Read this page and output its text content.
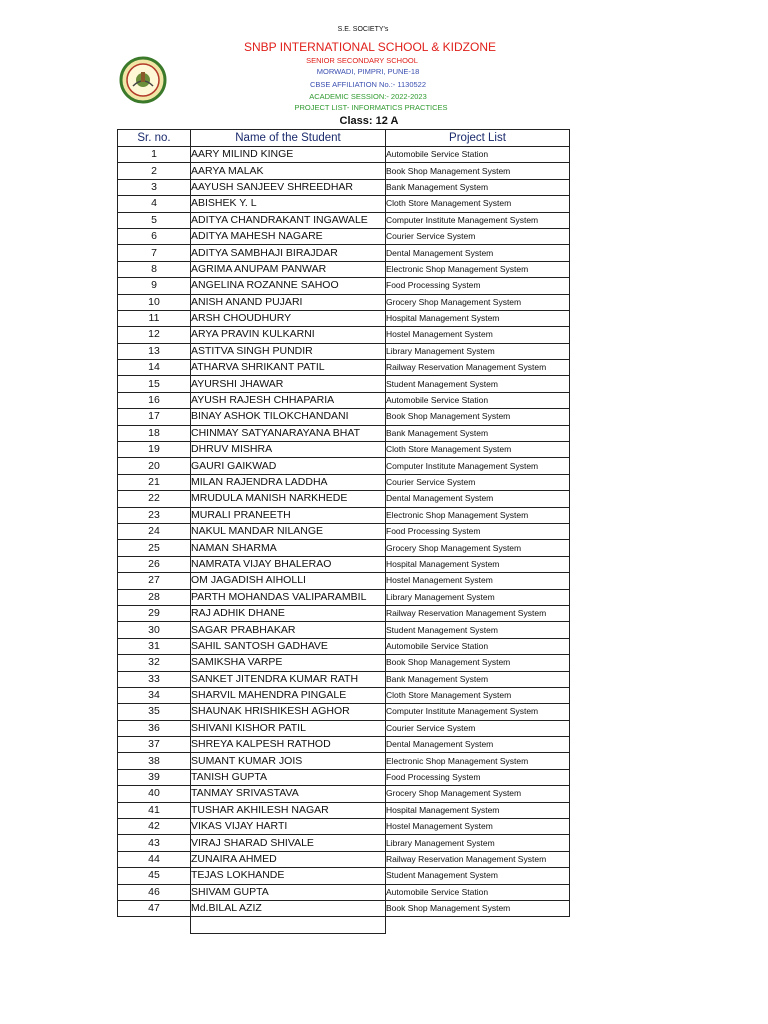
S.E. SOCIETY's
SNBP INTERNATIONAL SCHOOL & KIDZONE
SENIOR SECONDARY SCHOOL
MORWADI, PIMPRI, PUNE-18
CBSE AFFILIATION No.:- 1130522
ACADEMIC SESSION:- 2022-2023
PROJECT LIST- INFORMATICS PRACTICES
Class: 12 A
Sr. no.	Name of the Student	Project List
1	AARY MILIND KINGE	Automobile Service Station
2	AARYA MALAK	Book Shop Management System
3	AAYUSH SANJEEV SHREEDHAR	Bank Management System
4	ABISHEK Y. L	Cloth Store Management System
5	ADITYA CHANDRAKANT INGAWALE	Computer Institute Management System
6	ADITYA MAHESH NAGARE	Courier Service System
7	ADITYA SAMBHAJI BIRAJDAR	Dental Management System
8	AGRIMA ANUPAM PANWAR	Electronic Shop Management System
9	ANGELINA ROZANNE SAHOO	Food Processing System
10	ANISH ANAND PUJARI	Grocery Shop Management System
11	ARSH CHOUDHURY	Hospital Management System
12	ARYA PRAVIN KULKARNI	Hostel Management System
13	ASTITVA SINGH PUNDIR	Library Management System
14	ATHARVA SHRIKANT PATIL	Railway Reservation Management System
15	AYURSHI JHAWAR	Student Management System
16	AYUSH RAJESH CHHAPARIA	Automobile Service Station
17	BINAY ASHOK TILOKCHANDANI	Book Shop Management System
18	CHINMAY SATYANARAYANA BHAT	Bank Management System
19	DHRUV MISHRA	Cloth Store Management System
20	GAURI GAIKWAD	Computer Institute Management System
21	MILAN RAJENDRA LADDHA	Courier Service System
22	MRUDULA MANISH NARKHEDE	Dental Management System
23	MURALI PRANEETH	Electronic Shop Management System
24	NAKUL MANDAR NILANGE	Food Processing System
25	NAMAN SHARMA	Grocery Shop Management System
26	NAMRATA VIJAY BHALERAO	Hospital Management System
27	OM JAGADISH AIHOLLI	Hostel Management System
28	PARTH MOHANDAS VALIPARAMBIL	Library Management System
29	RAJ ADHIK DHANE	Railway Reservation Management System
30	SAGAR PRABHAKAR	Student Management System
31	SAHIL SANTOSH GADHAVE	Automobile Service Station
32	SAMIKSHA VARPE	Book Shop Management System
33	SANKET JITENDRA KUMAR RATH	Bank Management System
34	SHARVIL MAHENDRA PINGALE	Cloth Store Management System
35	SHAUNAK HRISHIKESH AGHOR	Computer Institute Management System
36	SHIVANI KISHOR PATIL	Courier Service System
37	SHREYA KALPESH RATHOD	Dental Management System
38	SUMANT KUMAR JOIS	Electronic Shop Management System
39	TANISH GUPTA	Food Processing System
40	TANMAY SRIVASTAVA	Grocery Shop Management System
41	TUSHAR AKHILESH NAGAR	Hospital Management System
42	VIKAS VIJAY HARTI	Hostel Management System
43	VIRAJ SHARAD SHIVALE	Library Management System
44	ZUNAIRA AHMED	Railway Reservation Management System
45	TEJAS LOKHANDE	Student Management System
46	SHIVAM GUPTA	Automobile Service Station
47	Md.BILAL AZIZ	Book Shop Management System
